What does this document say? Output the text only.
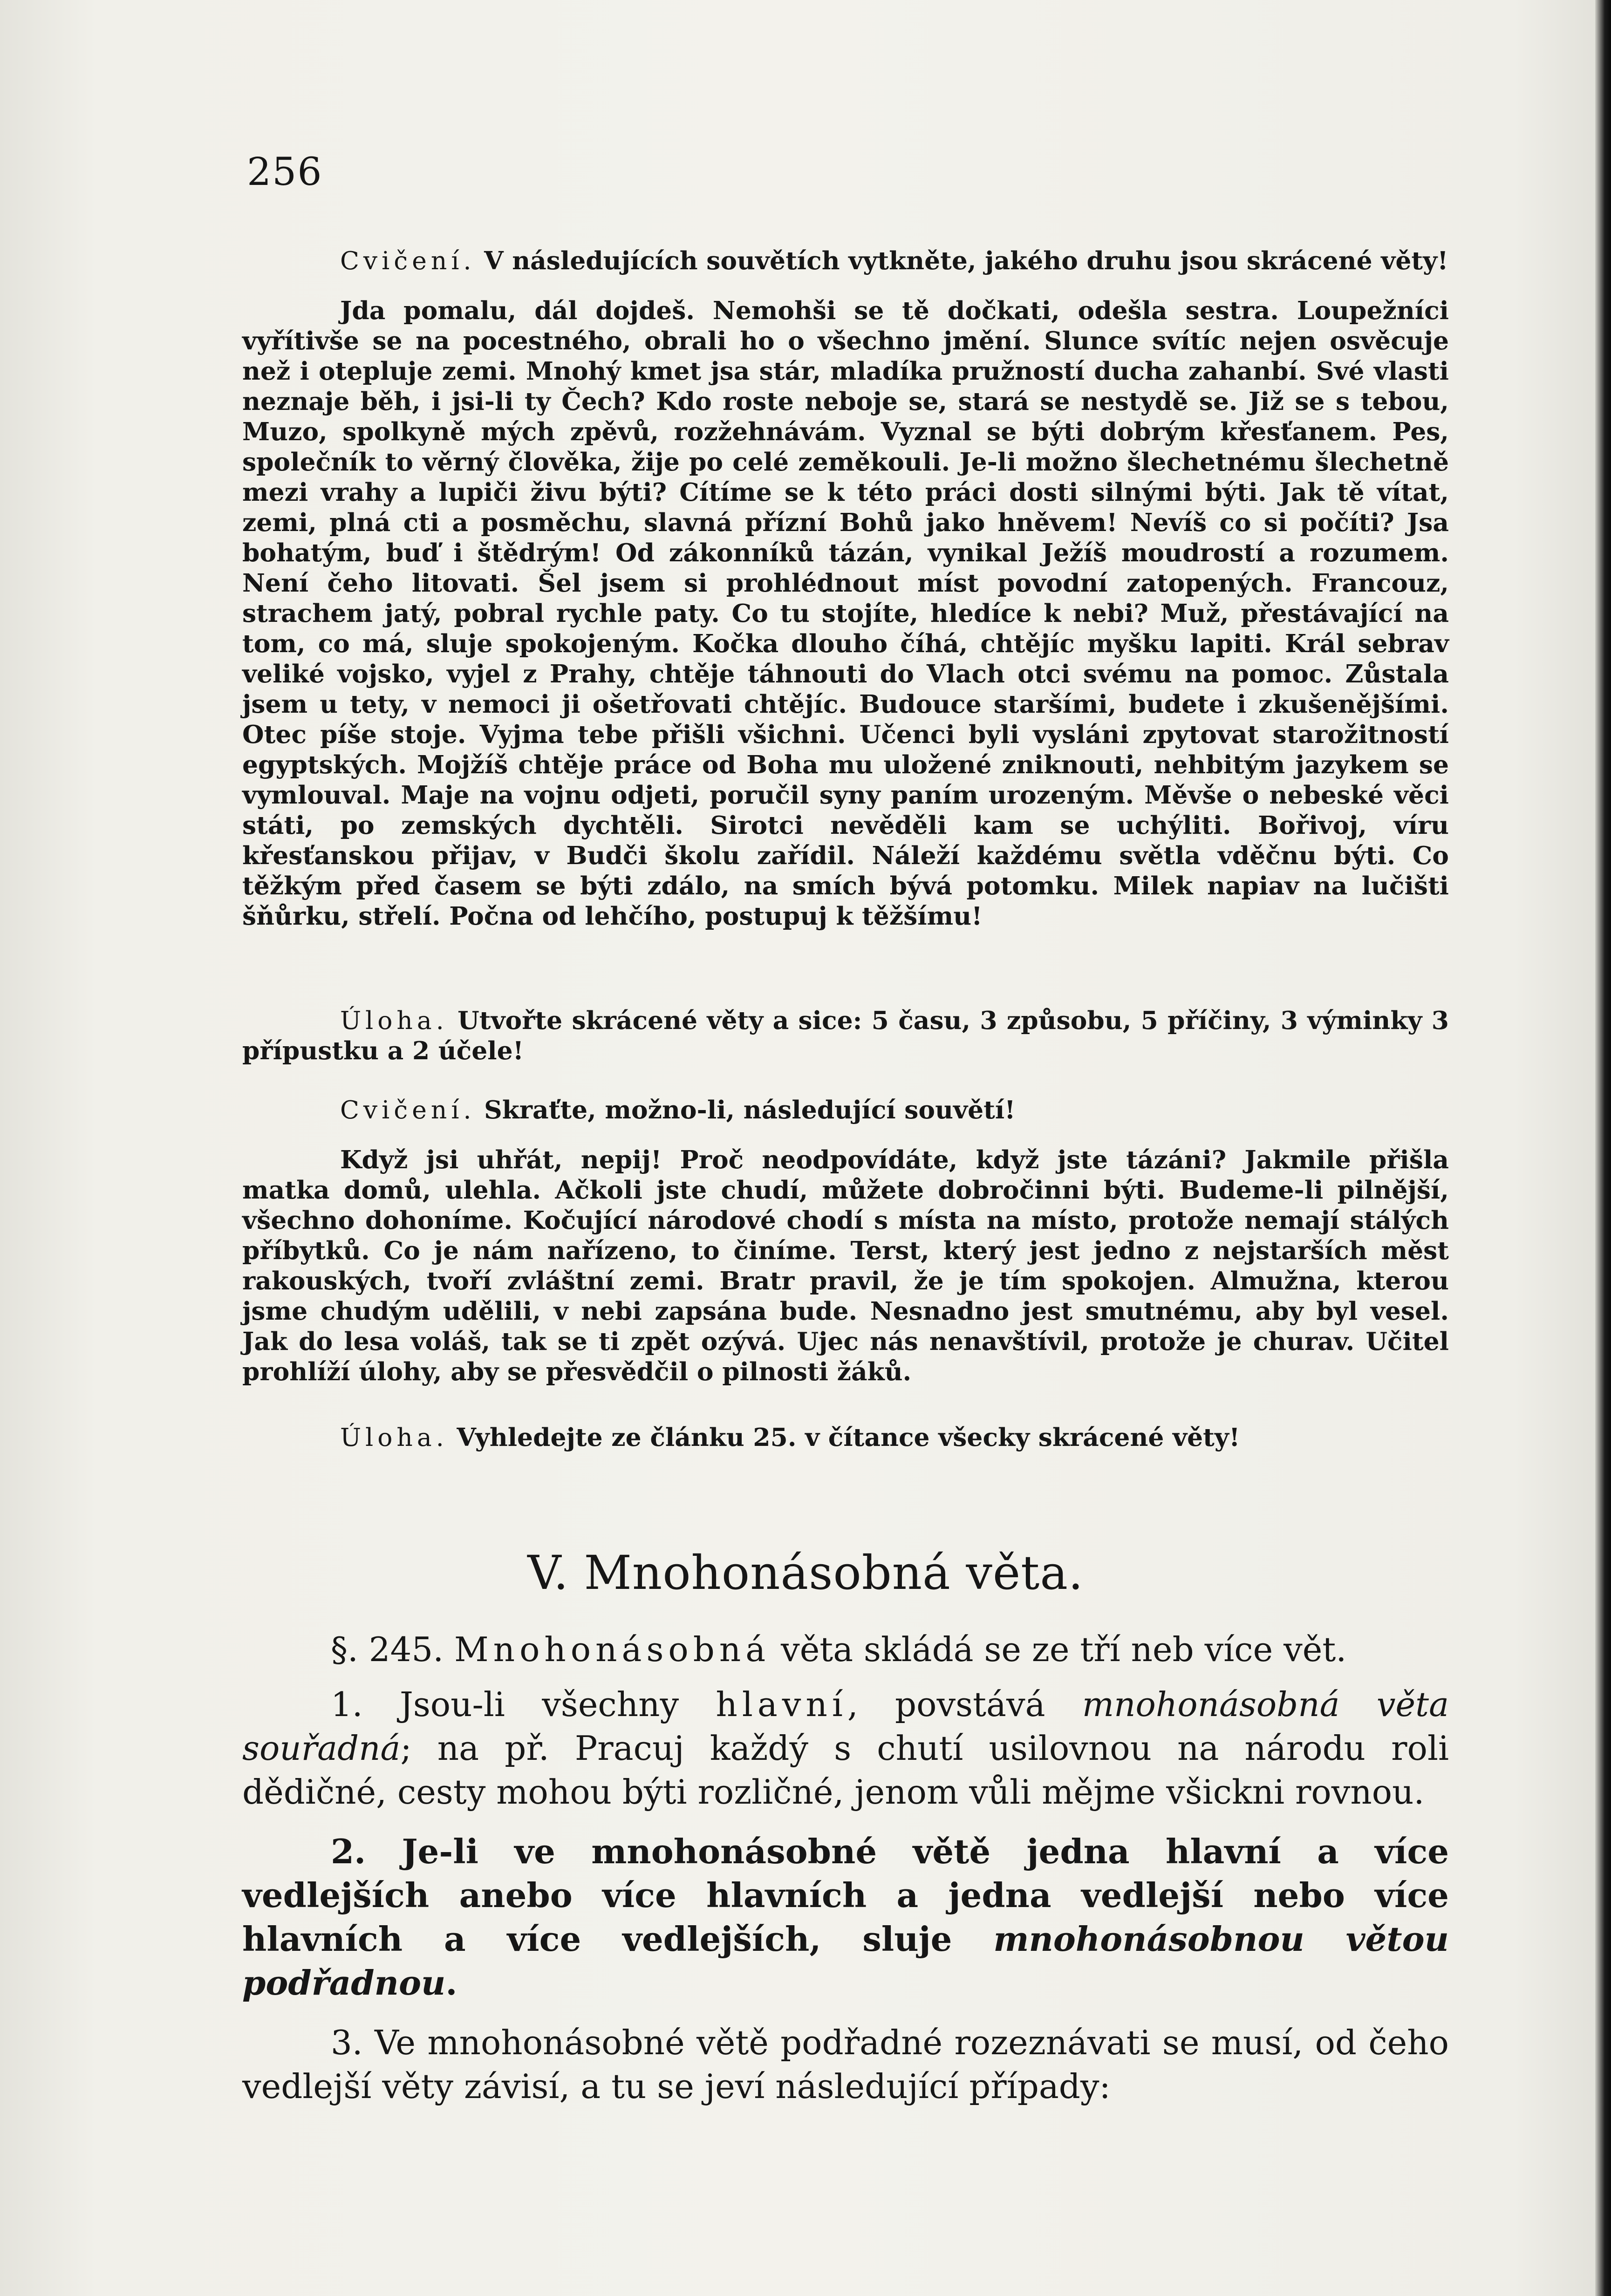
256

Cvičení. V následujících souvětích vytkněte, jakého druhu jsou skrácené věty!

Jda pomalu, dál dojdeš. Nemohši se tě dočkati, odešla sestra. Loupežníci vyřítivše se na pocestného, obrali ho o všechno jmění. Slunce svítíc nejen osvěcuje než i otepluje zemi. Mnohý kmet jsa stár, mladíka pružností ducha zahanbí. Své vlasti neznaje běh, i jsi-li ty Čech? Kdo roste neboje se, stará se nestydě se. Již se s tebou, Muzo, spolkyně mých zpěvů, rozžehnávám. Vyznal se býti dobrým křesťanem. Pes, společník to věrný člověka, žije po celé zeměkouli. Je-li možno šlechetnému šlechetně mezi vrahy a lupiči živu býti? Cítíme se k této práci dosti silnými býti. Jak tě vítat, zemi, plná cti a posměchu, slavná přízní Bohů jako hněvem! Nevíš co si počíti? Jsa bohatým, buď i štědrým! Od zákonníků tázán, vynikal Ježíš moudrostí a rozumem. Není čeho litovati. Šel jsem si prohlédnout míst povodní zatopených. Francouz, strachem jatý, pobral rychle paty. Co tu stojíte, hledíce k nebi? Muž, přestávající na tom, co má, sluje spokojeným. Kočka dlouho číhá, chtějíc myšku lapiti. Král sebrav veliké vojsko, vyjel z Prahy, chtěje táhnouti do Vlach otci svému na pomoc. Zůstala jsem u tety, v nemoci ji ošetřovati chtějíc. Budouce staršími, budete i zkušenějšími. Otec píše stoje. Vyjma tebe přišli všichni. Učenci byli vysláni zpytovat starožitností egyptských. Mojžíš chtěje práce od Boha mu uložené zniknouti, nehbitým jazykem se vymlouval. Maje na vojnu odjeti, poručil syny paním urozeným. Měvše o nebeské věci státi, po zemských dychtěli. Sirotci nevěděli kam se uchýliti. Bořivoj, víru křesťanskou přijav, v Budči školu zařídil. Náleží každému světla vděčnu býti. Co těžkým před časem se býti zdálo, na smích bývá potomku. Milek napiav na lučišti šňůrku, střelí. Počna od lehčího, postupuj k těžšímu!

Úloha. Utvořte skrácené věty a sice: 5 času, 3 způsobu, 5 příčiny, 3 výminky 3 přípustku a 2 účele!

Cvičení. Skraťte, možno-li, následující souvětí!

Když jsi uhřát, nepij! Proč neodpovídáte, když jste tázáni? Jakmile přišla matka domů, ulehla. Ačkoli jste chudí, můžete dobročinni býti. Budeme-li pilnější, všechno dohoníme. Kočující národové chodí s místa na místo, protože nemají stálých příbytků. Co je nám nařízeno, to činíme. Terst, který jest jedno z nejstarších měst rakouských, tvoří zvláštní zemi. Bratr pravil, že je tím spokojen. Almužna, kterou jsme chudým udělili, v nebi zapsána bude. Nesnadno jest smutnému, aby byl vesel. Jak do lesa voláš, tak se ti zpět ozývá. Ujec nás nenavštívil, protože je churav. Učitel prohlíží úlohy, aby se přesvědčil o pilnosti žáků.

Úloha. Vyhledejte ze článku 25. v čítance všecky skrácené věty!

V. Mnohonásobná věta.

§. 245. Mnohonásobná věta skládá se ze tří neb více vět.

1. Jsou-li všechny hlavní, povstává mnohonásobná věta souřadná; na př. Pracuj každý s chutí usilovnou na národu roli dědičné, cesty mohou býti rozličné, jenom vůli mějme všickni rovnou.

2. Je-li ve mnohonásobné větě jedna hlavní a více vedlejších anebo více hlavních a jedna vedlejší nebo více hlavních a více vedlejších, sluje mnohonásobnou větou podřadnou.

3. Ve mnohonásobné větě podřadné rozeznávati se musí, od čeho vedlejší věty závisí, a tu se jeví následující případy:
